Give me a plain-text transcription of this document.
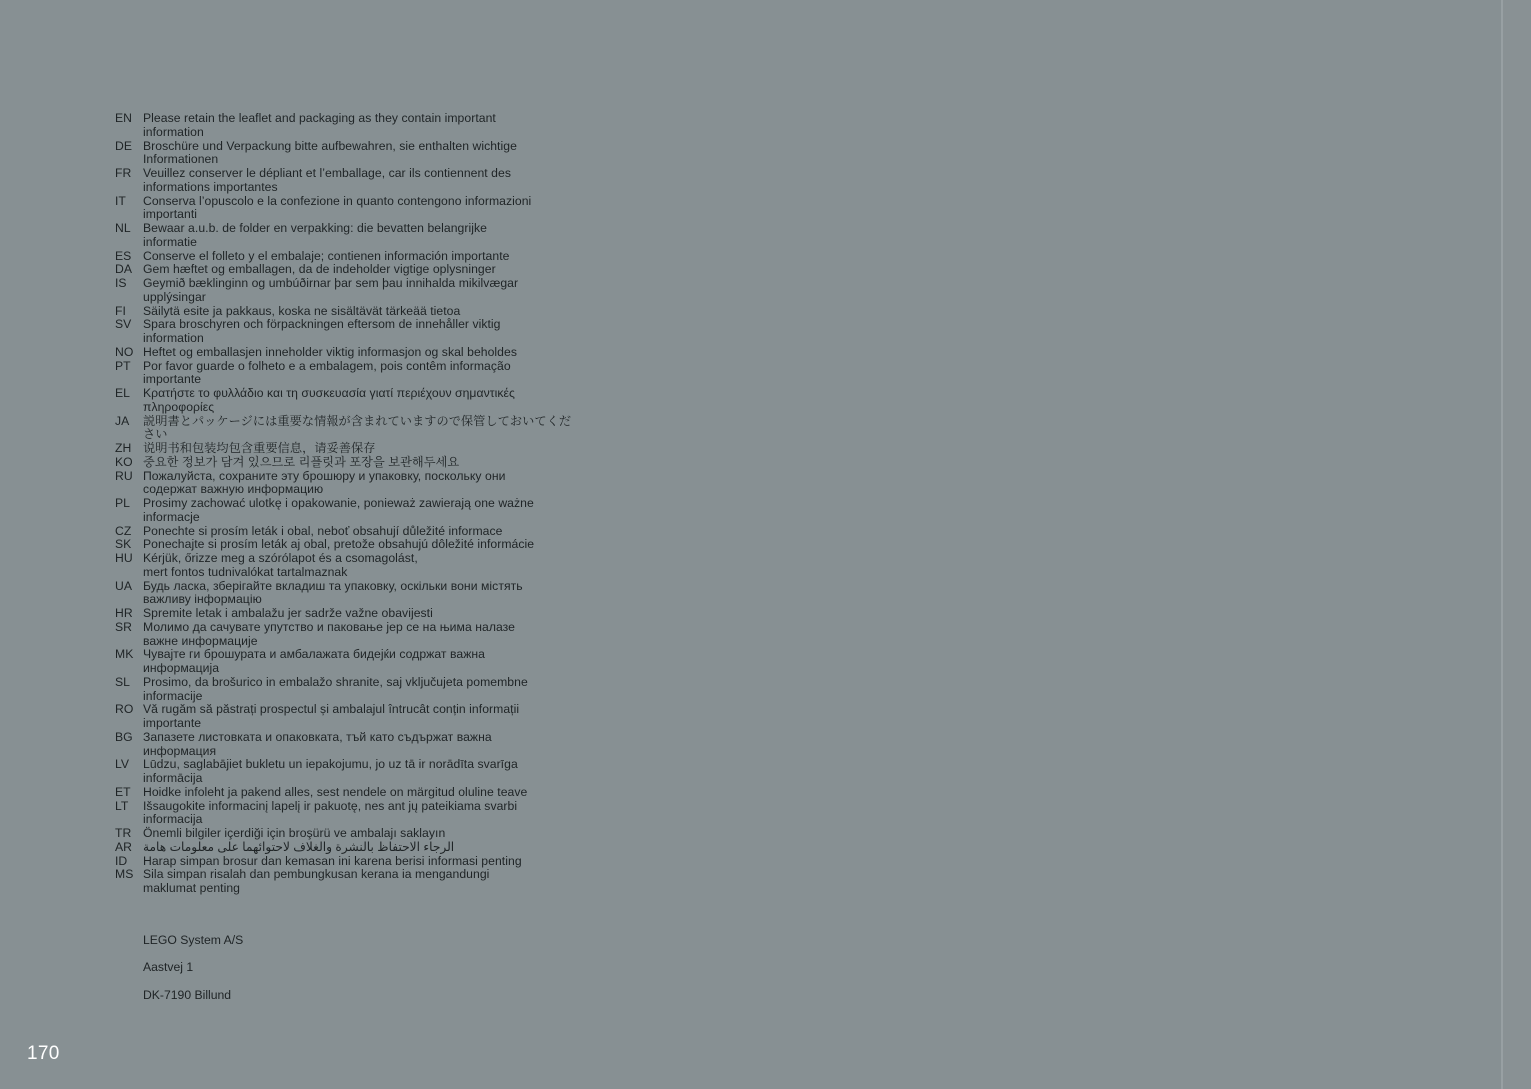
EN Please retain the leaflet and packaging as they contain important
information
DE Broschüre und Verpackung bitte aufbewahren, sie enthalten wichtige
Informationen
FR Veuillez conserver le dépliant et l’emballage, car ils contiennent des
informations importantes
IT	Conserva l’opuscolo e la confezione in quanto contengono informazioni
importanti
NL	Bewaar a.u.b. de folder en verpakking: die bevatten belangrijke
informatie
ES Conserve el folleto y el embalaje; contienen información importante
DA Gem hæftet og emballagen, da de indeholder vigtige oplysninger
IS	Geymið bæklinginn og umbúðirnar þar sem þau innihalda mikilvægar
upplýsingar
FI	Säilytä esite ja pakkaus, koska ne sisältävät tärkeää tietoa
SV Spara broschyren och förpackningen eftersom de innehåller viktig
information
NO Heftet og emballasjen inneholder viktig informasjon og skal beholdes
PT	Por favor guarde o folheto e a embalagem, pois contêm informação
importante
EL	Κρατήστε το φυλλάδιο και τη συσκευασία γιατί περιέχουν σημαντικές
πληροφορίες
JA	説明書とパッケージには重要な情報が含まれていますので保管しておいてくだ
さい
ZH 说明书和包装均包含重要信息，请妥善保存
KO 중요한 정보가 담겨 있으므로 리플릿과 포장을 보관해두세요
RU Пожалуйста, сохраните эту брошюру и упаковку, поскольку они
содержат важную информацию
PL	Prosimy zachować ulotkę i opakowanie, ponieważ zawierają one ważne
informacje
CZ Ponechte si prosím leták i obal, neboť obsahují důležité informace
SK Ponechajte si prosím leták aj obal, pretože obsahujú dôležité informácie
HU Kérjük, őrizze meg a szórólapot és a csomagolást,
mert fontos tudnivalókat tartalmaznak
UA Будь ласка, зберігайте вкладиш та упаковку, оскільки вони містять
важливу інформацію
HR Spremite letak i ambalažu jer sadrže važne obavijesti
SR Молимо да сачувате упутство и паковање јер се на њима налазе
важне информације
MK Чувајте ги брошурата и амбалажата бидејќи содржат важна
информација
SL	Prosimo, da brošurico in embalažo shranite, saj vključujeta pomembne
informacije
RO Vă rugăm să păstrați prospectul și ambalajul întrucât conțin informații
importante
BG Запазете листовката и опаковката, тъй като съдържат важна
информация
LV	Lūdzu, saglabājiet bukletu un iepakojumu, jo uz tā ir norādīta svarīga
informācija
ET	Hoidke infoleht ja pakend alles, sest nendele on märgitud oluline teave
LT	Išsaugokite informacinį lapelį ir pakuotę, nes ant jų pateikiama svarbi
informacija
TR Önemli bilgiler içerdiği için broşürü ve ambalajı saklayın
AR الرجاء الاحتفاظ بالنشرة والغلاف لاحتوائهما على معلومات هامة
ID	Harap simpan brosur dan kemasan ini karena berisi informasi penting
MS Sila simpan risalah dan pembungkusan kerana ia mengandungi
maklumat penting

LEGO System A/S

Aastvej 1

DK-7190 Billund

170
